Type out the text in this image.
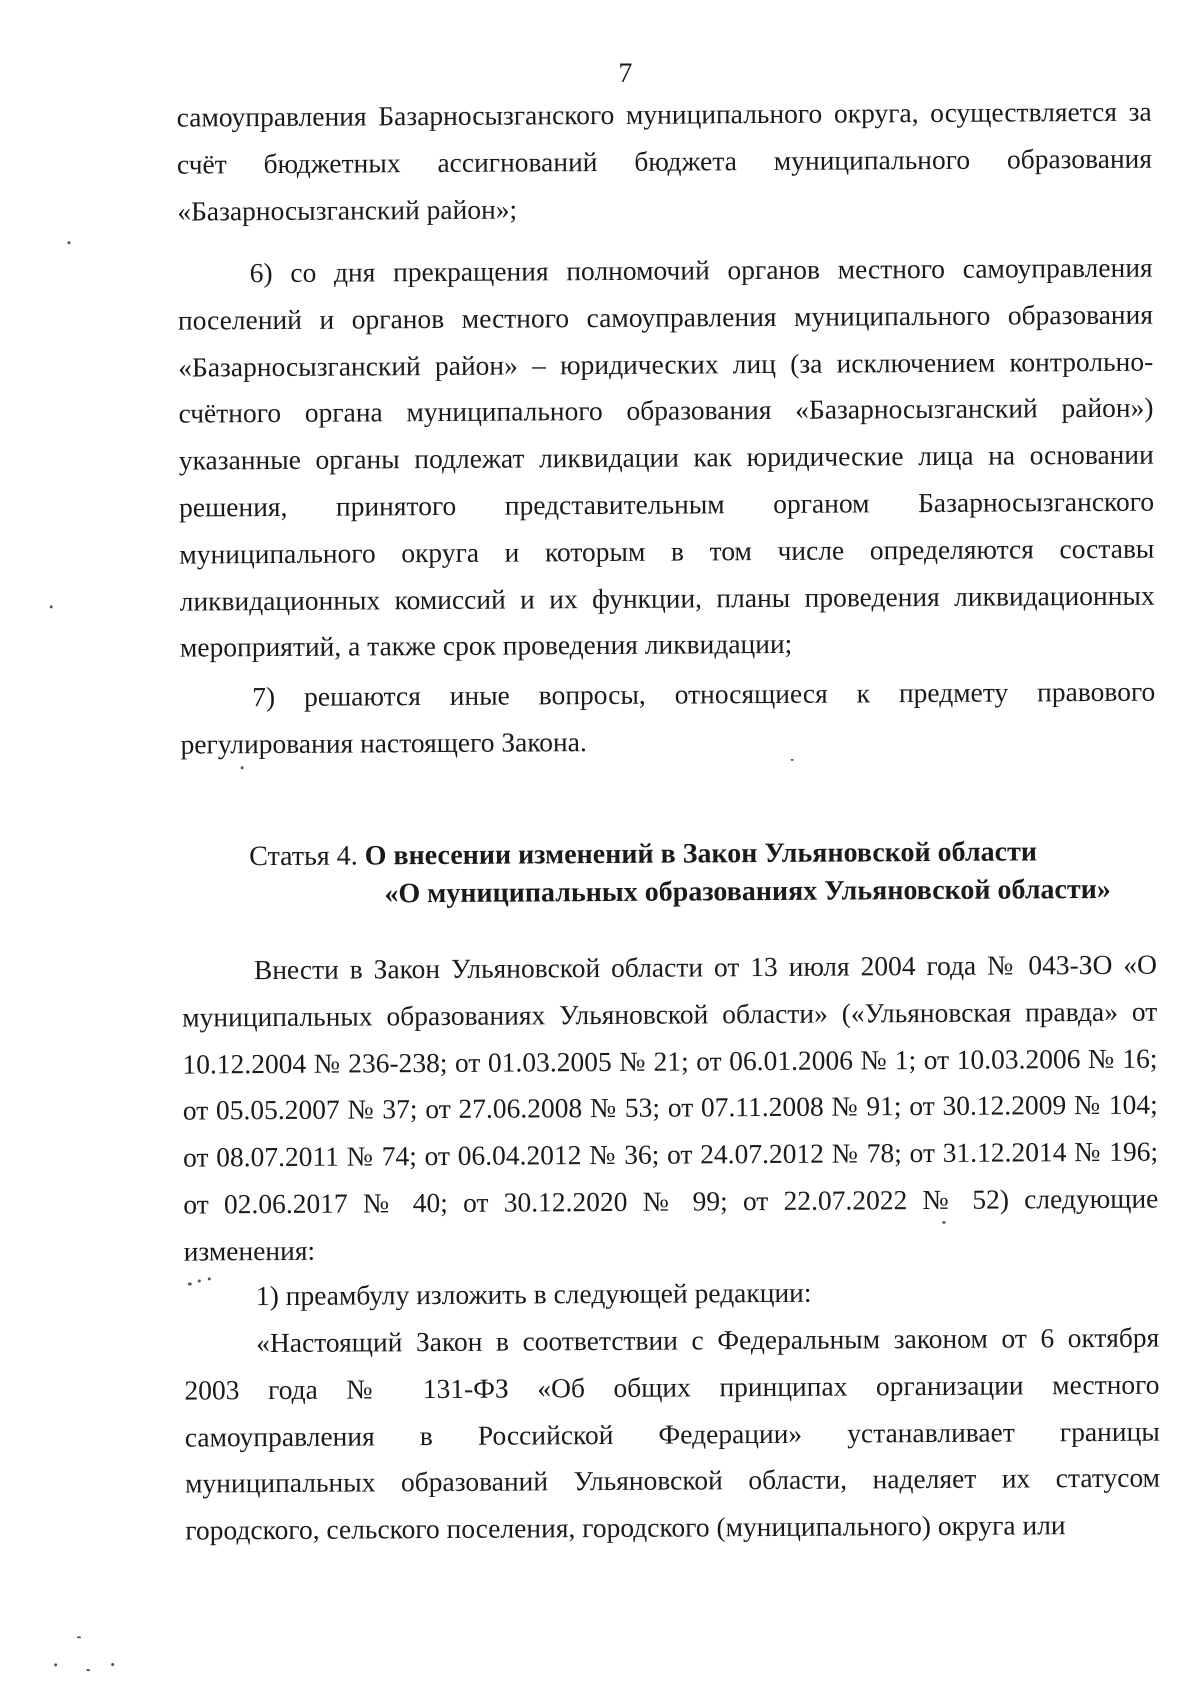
7

самоуправления Базарносызганского муниципального округа, осуществляется за счёт бюджетных ассигнований бюджета муниципального образования «Базарносызганский район»;

6) со дня прекращения полномочий органов местного самоуправления поселений и органов местного самоуправления муниципального образования «Базарносызганский район» – юридических лиц (за исключением контрольно-счётного органа муниципального образования «Базарносызганский район») указанные органы подлежат ликвидации как юридические лица на основании решения, принятого представительным органом Базарносызганского муниципального округа и которым в том числе определяются составы ликвидационных комиссий и их функции, планы проведения ликвидационных мероприятий, а также срок проведения ликвидации;

7) решаются иные вопросы, относящиеся к предмету правового регулирования настоящего Закона.

Статья 4. О внесении изменений в Закон Ульяновской области
«О муниципальных образованиях Ульяновской области»

Внести в Закон Ульяновской области от 13 июля 2004 года № 043-ЗО «О муниципальных образованиях Ульяновской области» («Ульяновская правда» от 10.12.2004 № 236-238; от 01.03.2005 № 21; от 06.01.2006 № 1; от 10.03.2006 № 16; от 05.05.2007 № 37; от 27.06.2008 № 53; от 07.11.2008 № 91; от 30.12.2009 № 104; от 08.07.2011 № 74; от 06.04.2012 № 36; от 24.07.2012 № 78; от 31.12.2014 № 196; от 02.06.2017 № 40; от 30.12.2020 № 99; от 22.07.2022 № 52) следующие изменения:

1) преамбулу изложить в следующей редакции:

«Настоящий Закон в соответствии с Федеральным законом от 6 октября 2003 года № 131-ФЗ «Об общих принципах организации местного самоуправления в Российской Федерации» устанавливает границы муниципальных образований Ульяновской области, наделяет их статусом городского, сельского поселения, городского (муниципального) округа или
